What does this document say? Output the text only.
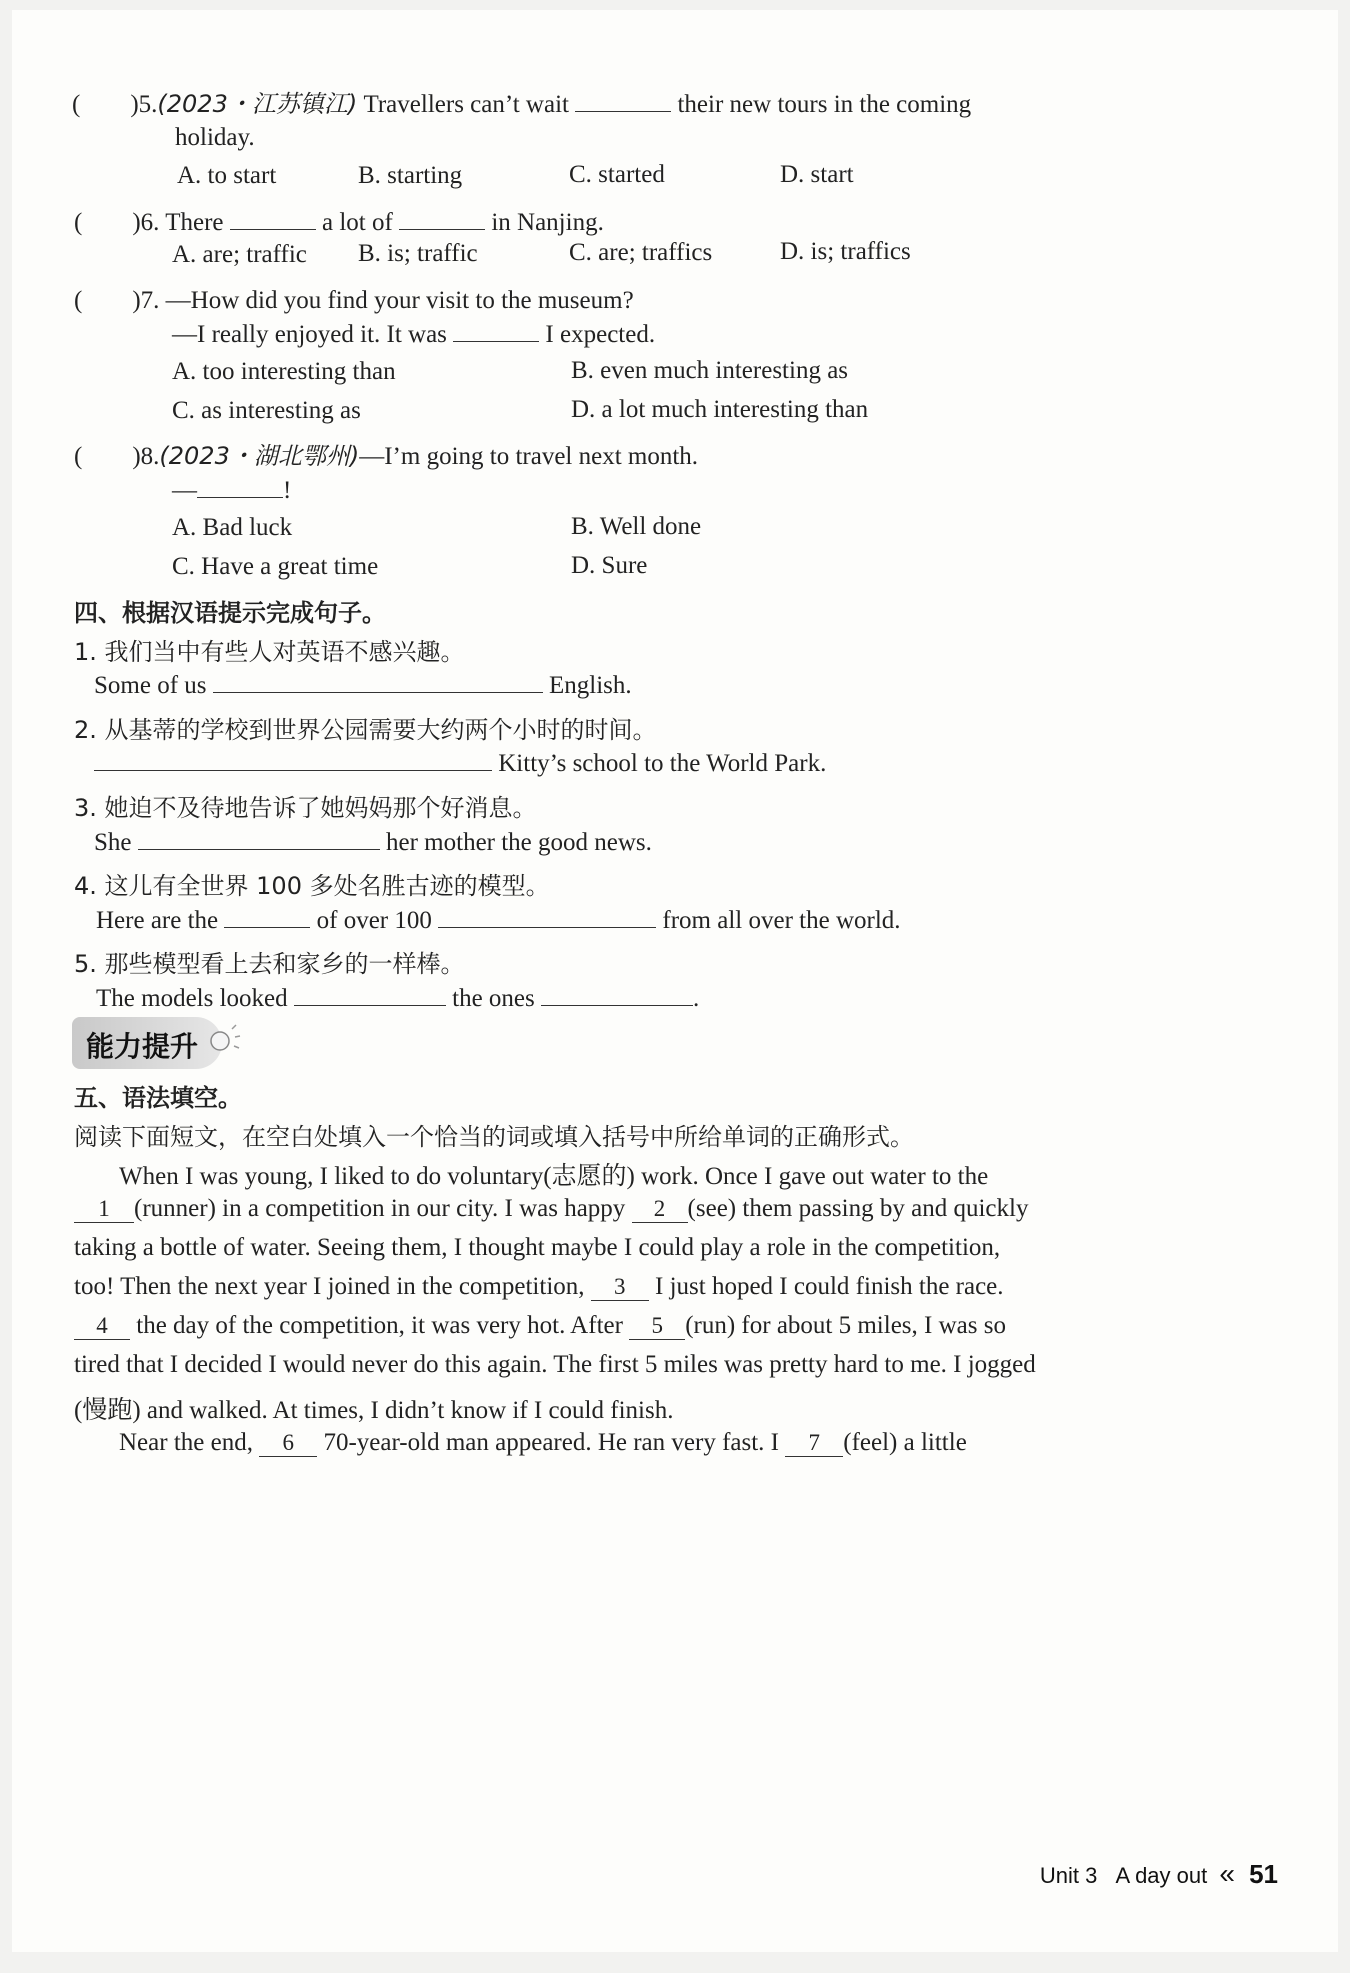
(　　)5.(2023・江苏镇江) Travellers can’t wait	their new tours in the coming
holiday.
A. to start	B. starting	C. started	D. start
(　　)6. There	a lot of	in Nanjing.
A. are; traffic B. is; traffic	C. are; traffics	D. is; traffics
(　　)7. —How did you find your visit to the museum?
—I really enjoyed it. It was	I expected.
A. too interesting than	B. even much interesting as
C. as interesting as	D. a lot much interesting than
(　　)8.(2023・湖北鄂州)—I’m going to travel next month.
—	!
A. Bad luck	B. Well done
C. Have a great time	D. Sure
四、根据汉语提示完成句子。
1. 我们当中有些人对英语不感兴趣。
Some of us	English.
2. 从基蒂的学校到世界公园需要大约两个小时的时间。
Kitty’s school to the World Park.
3. 她迫不及待地告诉了她妈妈那个好消息。
She	her mother the good news.
4. 这儿有全世界 100 多处名胜古迹的模型。
Here are the	of over 100	from all over the world.
5. 那些模型看上去和家乡的一样棒。
The models looked	the ones	.
能力提升
五、语法填空。
阅读下面短文，在空白处填入一个恰当的词或填入括号中所给单词的正确形式。
When I was young, I liked to do voluntary(志愿的) work. Once I gave out water to the
1 (runner) in a competition in our city. I was happy 2 (see) them passing by and quickly
taking a bottle of water. Seeing them, I thought maybe I could play a role in the competition,
too! Then the next year I joined in the competition, 3 I just hoped I could finish the race.
4 the day of the competition, it was very hot. After 5 (run) for about 5 miles, I was so
tired that I decided I would never do this again. The first 5 miles was pretty hard to me. I jogged
(慢跑) and walked. At times, I didn’t know if I could finish.
Near the end, 6 70-year-old man appeared. He ran very fast. I 7 (feel) a little
Unit 3 A day out « 51
